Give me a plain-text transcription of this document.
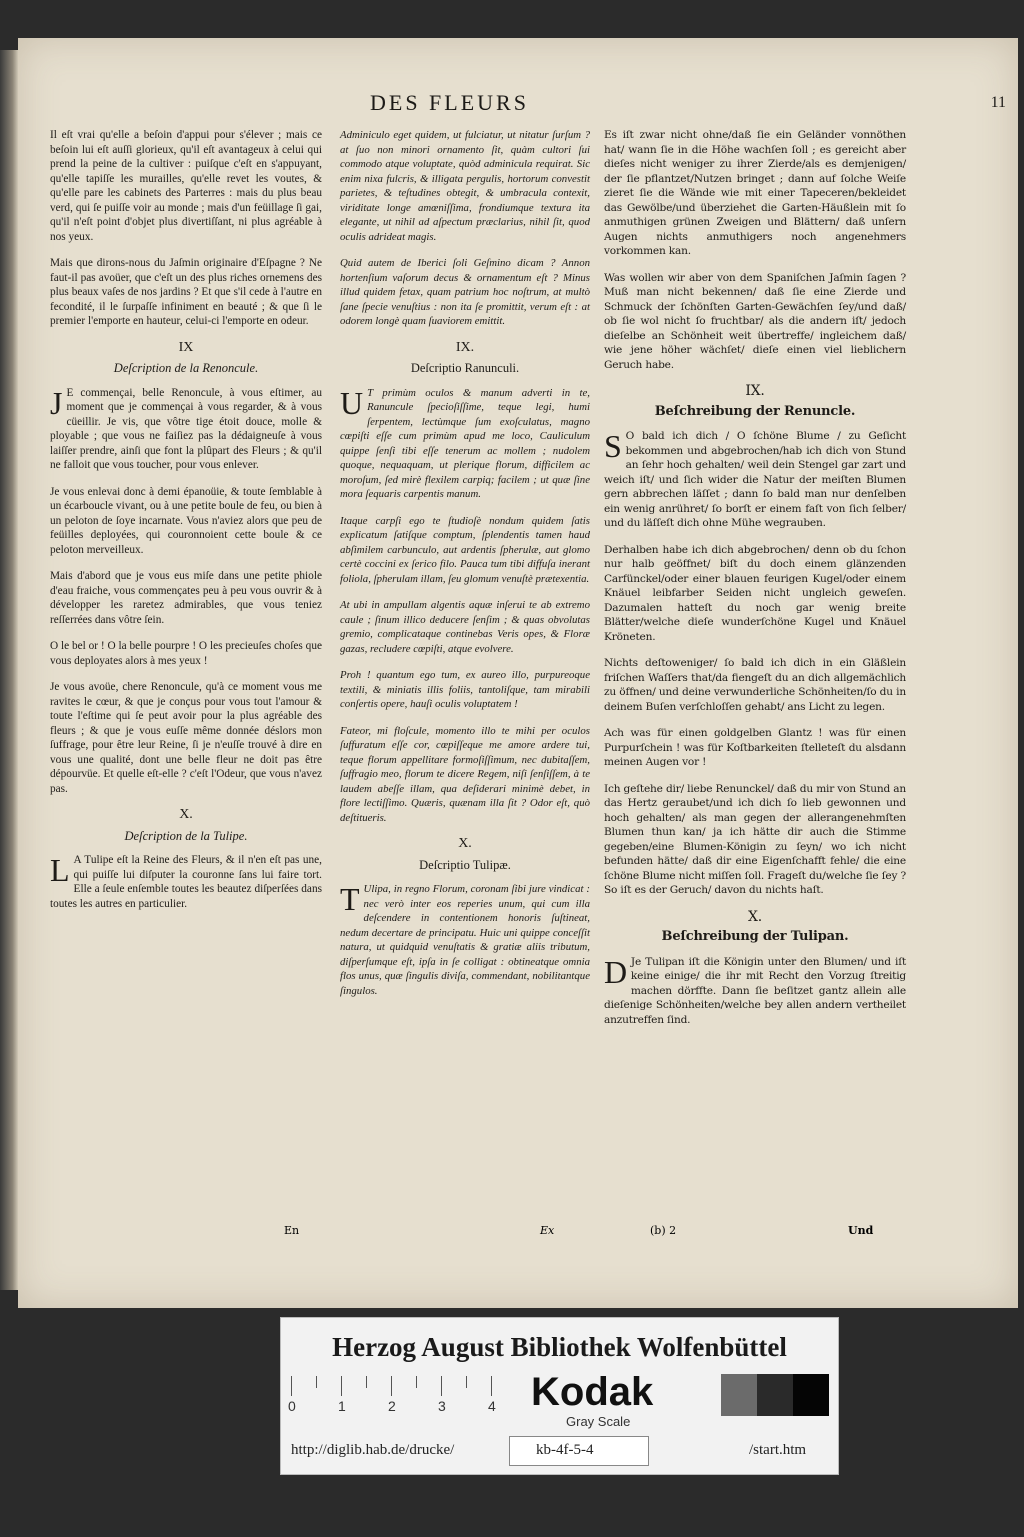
DES FLEURS	11

Il eſt vrai qu'elle a beſoin d'appui pour s'élever ; mais ce beſoin lui eſt auſſi glorieux, qu'il eſt avantageux à celui qui prend la peine de la cultiver : puiſque c'eſt en s'appuyant, qu'elle tapiſſe les murailles, qu'elle revet les voutes, & qu'elle pare les cabinets des Parterres : mais du plus beau verd, qui ſe puiſſe voir au monde ; mais d'un feüillage ſi gai, qu'il n'eſt point d'objet plus divertiſſant, ni plus agréable à nos yeux.

Mais que dirons-nous du Jaſmin originaire d'Eſpagne ? Ne faut-il pas avoüer, que c'eſt un des plus riches ornemens des plus beaux vaſes de nos jardins ? Et que s'il cede à l'autre en fecondité, il le ſurpaſſe infiniment en beauté ; & que ſi le premier l'emporte en hauteur, celui-ci l'emporte en odeur.

IX
Deſcription de la Renoncule.

J E commençai, belle Renoncule, à vous eſtimer, au moment que je commençai à vous regarder, & à vous cüeillir. Je vis, que vôtre tige étoit douce, molle & ployable ; que vous ne faiſiez pas la dédaigneuſe à vous laiſſer prendre, ainſi que font la plûpart des Fleurs ; & qu'il ne falloit que vous toucher, pour vous enlever.

Je vous enlevai donc à demi épanoüie, & toute ſemblable à un écarboucle vivant, ou à une petite boule de feu, ou bien à un peloton de ſoye incarnate. Vous n'aviez alors que peu de feüilles deployées, qui couronnoient cette boule & ce peloton merveilleux.

Mais d'abord que je vous eus miſe dans une petite phiole d'eau fraiche, vous commençates peu à peu vous ouvrir & à développer les raretez admirables, que vous teniez reſſerrées dans vôtre ſein.

O le bel or ! O la belle pourpre ! O les precieuſes choſes que vous deployates alors à mes yeux !

Je vous avoüe, chere Renoncule, qu'à ce moment vous me ravites le cœur, & que je conçus pour vous tout l'amour & toute l'eſtime qui ſe peut avoir pour la plus agréable des fleurs ; & que je vous euſſe même donnée déslors mon ſuffrage, pour être leur Reine, ſi je n'euſſe trouvé à dire en vous une qualité, dont une belle fleur ne doit pas être dépourvüe. Et quelle eſt-elle ? c'eſt l'Odeur, que vous n'avez pas.

X.
Deſcription de la Tulipe.

L A Tulipe eſt la Reine des Fleurs, & il n'en eſt pas une, qui puiſſe lui diſputer la couronne ſans lui faire tort. Elle a ſeule enſemble toutes les beautez diſperſées dans toutes les autres en particulier.

En

Adminiculo eget quidem, ut fulciatur, ut nitatur ſurſum ? at ſuo non minori ornamento ſit, quàm cultori ſui commodo atque voluptate, quòd adminicula requirat. Sic enim nixa fulcris, & illigata pergulis, hortorum convestit parietes, & teſtudines obtegit, & umbracula contexit, viriditate longe amœniſſima, frondiumque textura ita elegante, ut nihil ad aſpectum præclarius, nihil ſit, quod oculis adrideat magis.

Quid autem de Iberici ſoli Geſmino dicam ? Annon hortenſium vaſorum decus & ornamentum eſt ? Minus illud quidem fetax, quam patrium hoc noſtrum, at multò ſane ſpecie venuſtius : non ita ſe promittit, verum eſt : at odorem longè quam ſuaviorem emittit.

IX.
Deſcriptio Ranunculi.

U T primùm oculos & manum adverti in te, Ranuncule ſpecioſiſſime, teque legi, humi ſerpentem, lectùmque ſum exoſculatus, magno cœpiſti eſſe cum primùm apud me loco, Cauliculum quippe ſenſi tibi eſſe tenerum ac mollem ; nudolem quoque, nequaquam, ut plerique florum, difficilem ac moroſum, ſed mirè flexilem carpiq; facilem ; ut quæ ſine mora ſequaris carpentis manum.

Itaque carpſi ego te ſtudioſè nondum quidem ſatis explicatum ſatiſque comptum, ſplendentis tamen haud abſimilem carbunculo, aut ardentis ſpherulæ, aut glomo certè coccini ex ſerico filo. Pauca tum tibi diffuſa inerant foliola, ſpherulam illam, ſeu glomum venuſtè prætexentia.

At ubi in ampullam algentis aquæ inſerui te ab extremo caule ; ſinum illico deducere ſenſim ; & quas obvolutas gremio, complicataque continebas Veris opes, & Floræ gazas, recludere cœpiſti, atque evolvere.

Proh ! quantum ego tum, ex aureo illo, purpureoque textili, & miniatis illis foliis, tantoliſque, tam mirabili conſertis opere, hauſi oculis voluptatem !

Fateor, mi floſcule, momento illo te mihi per oculos ſuffuratum eſſe cor, cœpiſſeque me amore ardere tui, teque florum appellitare formoſiſſimum, nec dubitaſſem, ſuffragio meo, florum te dicere Regem, niſi ſenſiſſem, à te laudem abeſſe illam, qua deſiderari minimè debet, in flore lectiſſimo. Quæris, quænam illa ſit ? Odor eſt, quò deſtitueris.

X.
Deſcriptio Tulipæ.

T Ulipa, in regno Florum, coronam ſibi jure vindicat : nec verò inter eos reperies unum, qui cum illa deſcendere in contentionem honoris ſuſtineat, nedum decertare de principatu. Huic uni quippe conceſſit natura, ut quidquid venuſtatis & gratiæ aliis tributum, diſperſumque eſt, ipſa in ſe colligat : obtineatque omnia flos unus, quæ ſingulis diviſa, commendant, nobilitantque ſingulos.

Ex

Es iſt zwar nicht ohne/daß ſie ein Geländer vonnöthen hat/ wann ſie in die Höhe wachſen ſoll ; es gereicht aber dieſes nicht weniger zu ihrer Zierde/als es demjenigen/ der ſie pflantzet/Nutzen bringet ; dann auf ſolche Weiſe zieret ſie die Wände wie mit einer Tapeceren/bekleidet das Gewölbe/und überziehet die Garten-Häußlein mit ſo anmuthigen grünen Zweigen und Blättern/ daß unſern Augen nichts anmuthigers noch angenehmers vorkommen kan.

Was wollen wir aber von dem Spaniſchen Jaſmin ſagen ? Muß man nicht bekennen/ daß ſie eine Zierde und Schmuck der ſchönſten Garten-Gewächſen ſey/und daß/ ob ſie wol nicht ſo fruchtbar/ als die andern iſt/ jedoch dieſelbe an Schönheit weit übertreffe/ ingleichem daß/ wie jene höher wächſet/ dieſe einen viel lieblichern Geruch habe.

IX.
Beſchreibung der Renuncle.

S O bald ich dich / O ſchöne Blume / zu Geſicht bekommen und abgebrochen/hab ich dich von Stund an ſehr hoch gehalten/ weil dein Stengel gar zart und weich iſt/ und ſich wider die Natur der meiſten Blumen gern abbrechen läſſet ; dann ſo bald man nur denſelben ein wenig anrühret/ ſo borſt er einem faſt von ſich ſelber/ und du läſſeſt dich ohne Mühe wegrauben.

Derhalben habe ich dich abgebrochen/ denn ob du ſchon nur halb geöffnet/ biſt du doch einem glänzenden Carfünckel/oder einer blauen feurigen Kugel/oder einem Knäuel leibfarber Seiden nicht ungleich geweſen. Dazumalen hatteſt du noch gar wenig breite Blätter/welche dieſe wunderſchöne Kugel und Knäuel Kröneten.

Nichts deſtoweniger/ ſo bald ich dich in ein Gläßlein friſchen Waſſers that/da fiengeſt du an dich allgemächlich zu öffnen/ und deine verwunderliche Schönheiten/ſo du in deinem Buſen verſchloſſen gehabt/ ans Licht zu legen.

Ach was für einen goldgelben Glantz ! was für einen Purpurſchein ! was für Koſtbarkeiten ſtelleteſt du alsdann meinen Augen vor !

Ich geſtehe dir/ liebe Renunckel/ daß du mir von Stund an das Hertz geraubet/und ich dich ſo lieb gewonnen und hoch gehalten/ als man gegen der allerangenehmſten Blumen thun kan/ ja ich hätte dir auch die Stimme gegeben/eine Blumen-Königin zu ſeyn/ wo ich nicht befunden hätte/ daß dir eine Eigenſchafft fehle/ die eine ſchöne Blume nicht miſſen ſoll. Frageſt du/welche ſie ſey ? So iſt es der Geruch/ davon du nichts haſt.

X.
Beſchreibung der Tulipan.

D Je Tulipan iſt die Königin unter den Blumen/ und iſt keine einige/ die ihr mit Recht den Vorzug ſtreitig machen dörffte. Dann ſie beſitzet gantz allein alle dieſenige Schönheiten/welche bey allen andern vertheilet anzutreffen ſind.

(b) 2	Und
Herzog August Bibliothek Wolfenbüttel
0	1	2	3	4 Kodak
Gray Scale
http://diglib.hab.de/drucke/	kb-4f-5-4	/start.htm
